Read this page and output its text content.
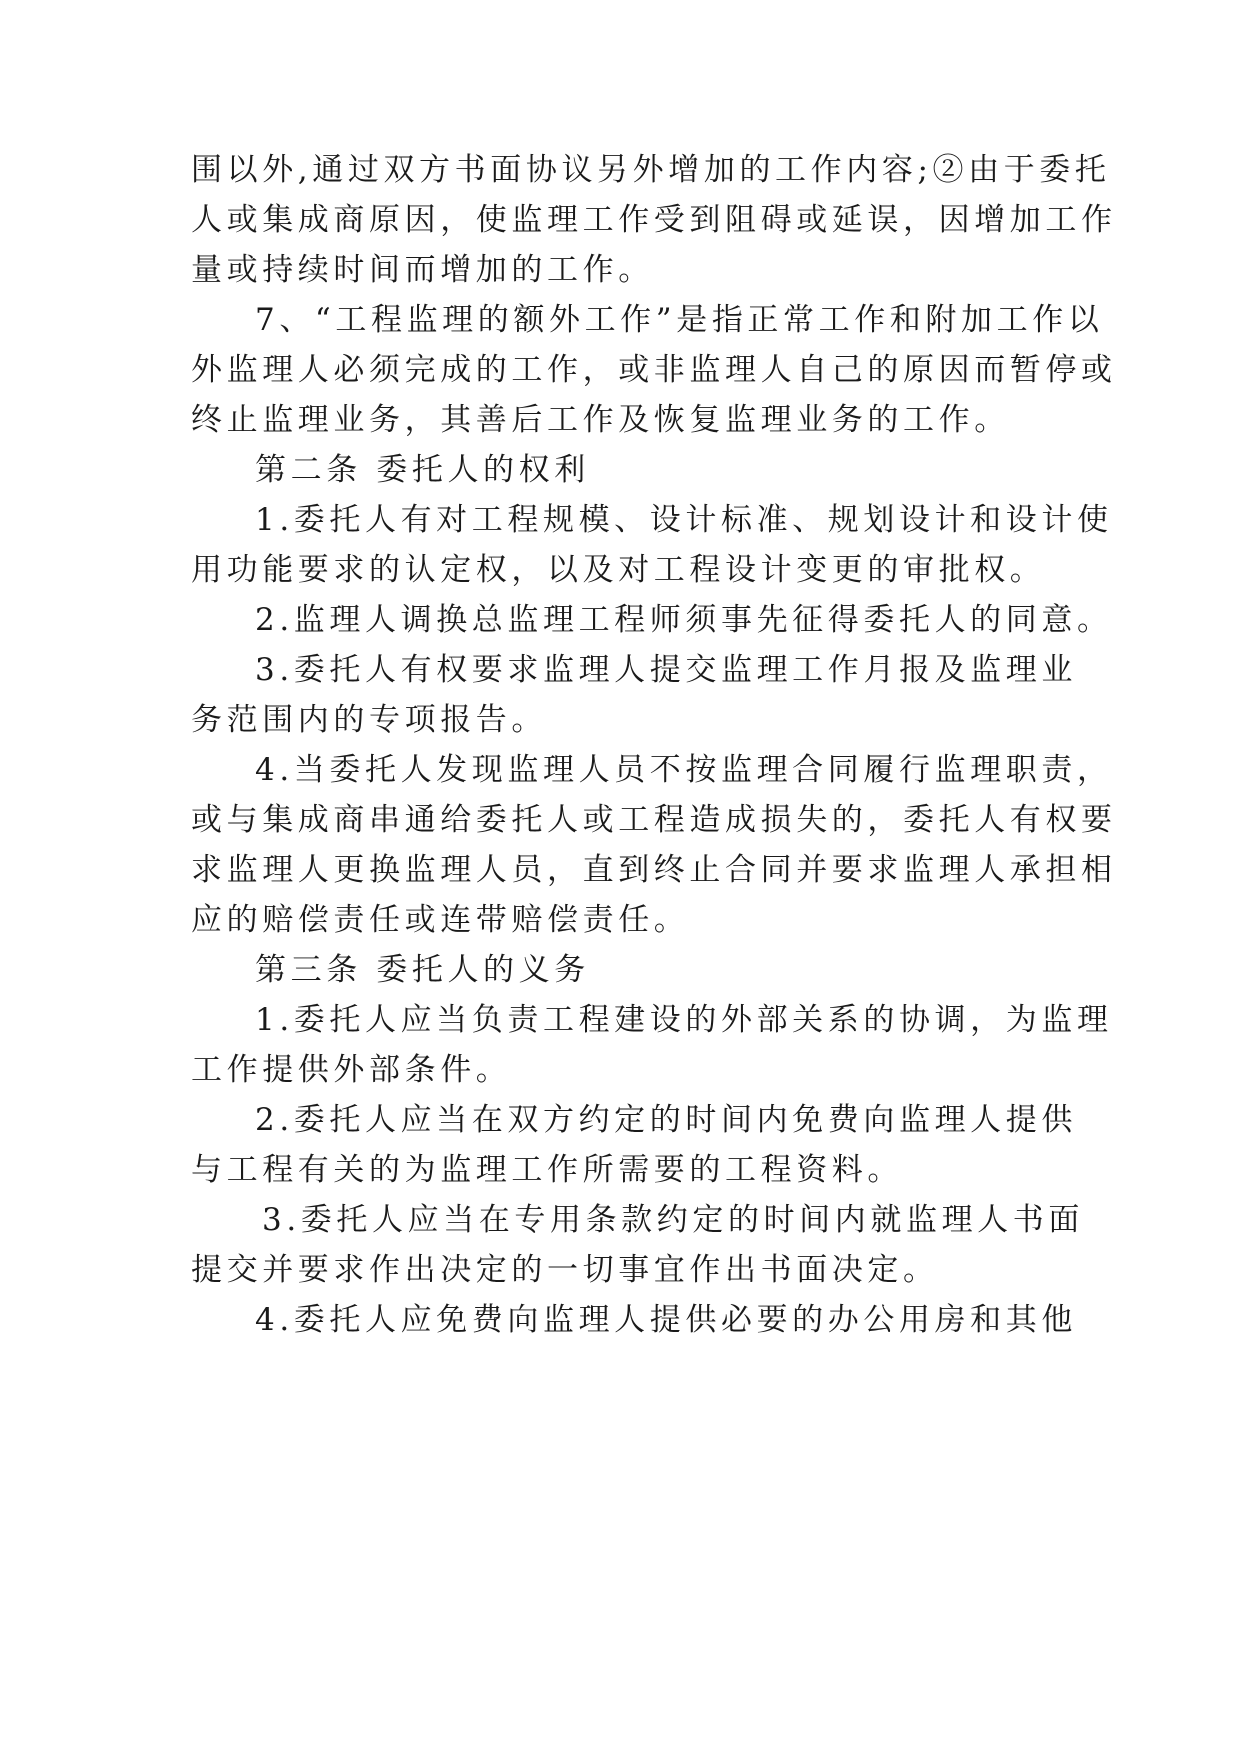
围以外,通过双方书面协议另外增加的工作内容;②由于委托
人或集成商原因，使监理工作受到阻碍或延误，因增加工作
量或持续时间而增加的工作。
7、“工程监理的额外工作”是指正常工作和附加工作以
外监理人必须完成的工作，或非监理人自己的原因而暂停或
终止监理业务，其善后工作及恢复监理业务的工作。
第二条 委托人的权利
1.委托人有对工程规模、设计标准、规划设计和设计使
用功能要求的认定权，以及对工程设计变更的审批权。
2.监理人调换总监理工程师须事先征得委托人的同意。
3.委托人有权要求监理人提交监理工作月报及监理业
务范围内的专项报告。
4.当委托人发现监理人员不按监理合同履行监理职责，
或与集成商串通给委托人或工程造成损失的，委托人有权要
求监理人更换监理人员，直到终止合同并要求监理人承担相
应的赔偿责任或连带赔偿责任。
第三条 委托人的义务
1.委托人应当负责工程建设的外部关系的协调，为监理
工作提供外部条件。
2.委托人应当在双方约定的时间内免费向监理人提供
与工程有关的为监理工作所需要的工程资料。
3.委托人应当在专用条款约定的时间内就监理人书面
提交并要求作出决定的一切事宜作出书面决定。
4.委托人应免费向监理人提供必要的办公用房和其他
